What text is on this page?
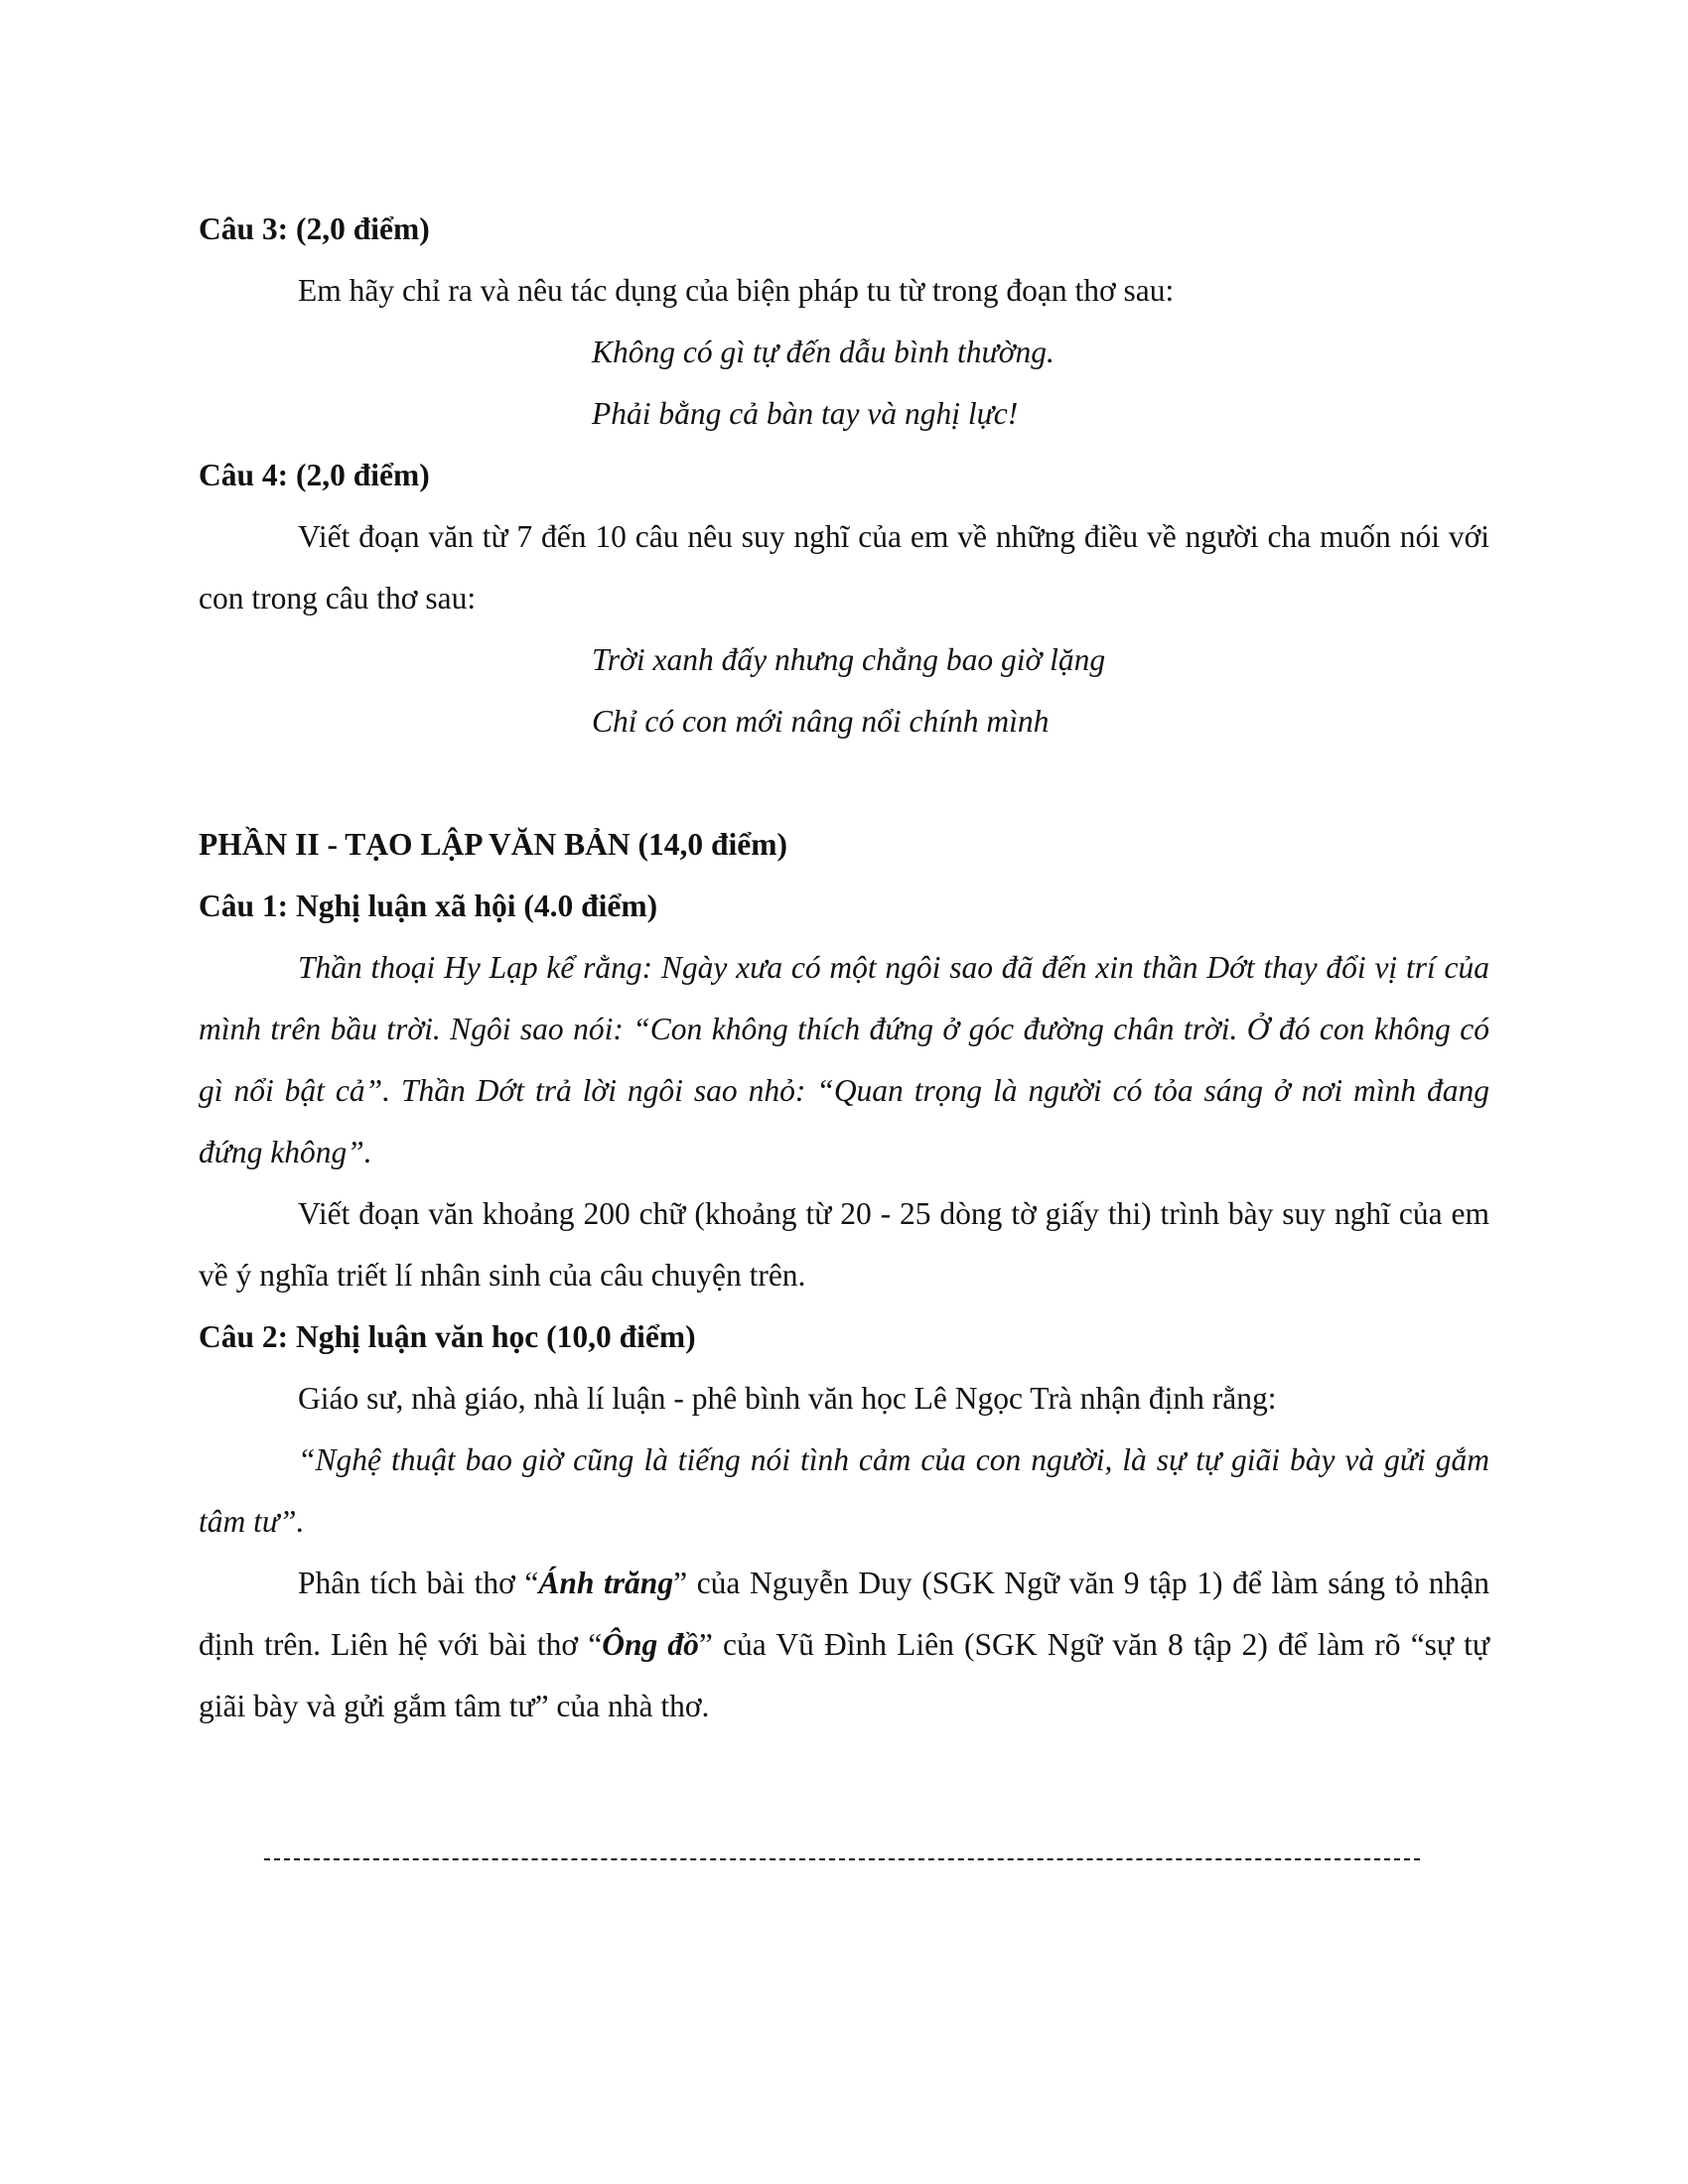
Câu 3: (2,0 điểm)

Em hãy chỉ ra và nêu tác dụng của biện pháp tu từ trong đoạn thơ sau:

Không có gì tự đến dẫu bình thường.

Phải bằng cả bàn tay và nghị lực!

Câu 4: (2,0 điểm)

Viết đoạn văn từ 7 đến 10 câu nêu suy nghĩ của em về những điều về người cha muốn nói với con trong câu thơ sau:

Trời xanh đấy nhưng chẳng bao giờ lặng

Chỉ có con mới nâng nổi chính mình

PHẦN II - TẠO LẬP VĂN BẢN (14,0 điểm)

Câu 1: Nghị luận xã hội (4.0 điểm)

Thần thoại Hy Lạp kể rằng: Ngày xưa có một ngôi sao đã đến xin thần Dớt thay đổi vị trí của mình trên bầu trời. Ngôi sao nói: “Con không thích đứng ở góc đường chân trời. Ở đó con không có gì nổi bật cả”. Thần Dớt trả lời ngôi sao nhỏ: “Quan trọng là người có tỏa sáng ở nơi mình đang đứng không”.

Viết đoạn văn khoảng 200 chữ (khoảng từ 20 - 25 dòng tờ giấy thi) trình bày suy nghĩ của em về ý nghĩa triết lí nhân sinh của câu chuyện trên.

Câu 2: Nghị luận văn học (10,0 điểm)

Giáo sư, nhà giáo, nhà lí luận - phê bình văn học Lê Ngọc Trà nhận định rằng:

“Nghệ thuật bao giờ cũng là tiếng nói tình cảm của con người, là sự tự giãi bày và gửi gắm tâm tư”.

Phân tích bài thơ “Ánh trăng” của Nguyễn Duy (SGK Ngữ văn 9 tập 1) để làm sáng tỏ nhận định trên. Liên hệ với bài thơ “Ông đồ” của Vũ Đình Liên (SGK Ngữ văn 8 tập 2) để làm rõ “sự tự giãi bày và gửi gắm tâm tư” của nhà thơ.
